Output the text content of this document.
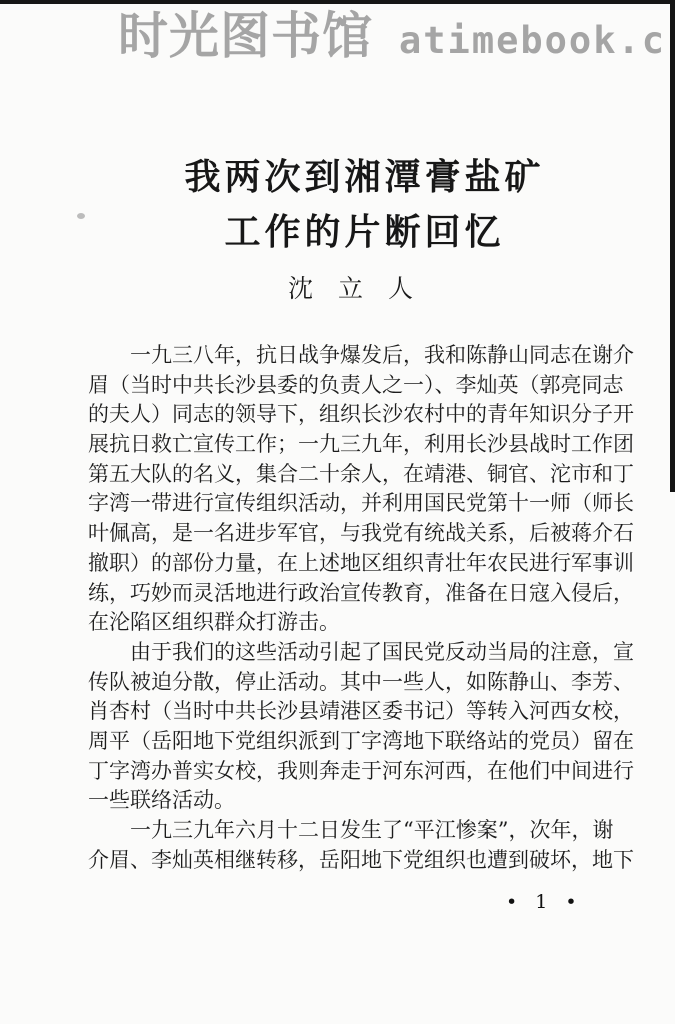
时光图书馆 atimebook.c
我两次到湘潭膏盐矿
工作的片断回忆
沈　立　人
　　一九三八年，抗日战争爆发后，我和陈静山同志在谢介
眉（当时中共长沙县委的负责人之一）、李灿英（郭亮同志
的夫人）同志的领导下，组织长沙农村中的青年知识分子开
展抗日救亡宣传工作；一九三九年，利用长沙县战时工作团
第五大队的名义，集合二十余人，在靖港、铜官、沱市和丁
字湾一带进行宣传组织活动，并利用国民党第十一师（师长
叶佩高，是一名进步军官，与我党有统战关系，后被蒋介石
撤职）的部份力量，在上述地区组织青壮年农民进行军事训
练，巧妙而灵活地进行政治宣传教育，准备在日寇入侵后，
在沦陷区组织群众打游击。
　　由于我们的这些活动引起了国民党反动当局的注意，宣
传队被迫分散，停止活动。其中一些人，如陈静山、李芳、
肖杏村（当时中共长沙县靖港区委书记）等转入河西女校，
周平（岳阳地下党组织派到丁字湾地下联络站的党员）留在
丁字湾办普实女校，我则奔走于河东河西，在他们中间进行
一些联络活动。
　　一九三九年六月十二日发生了“平江惨案”，次年，谢
介眉、李灿英相继转移，岳阳地下党组织也遭到破坏，地下
• 1 •
